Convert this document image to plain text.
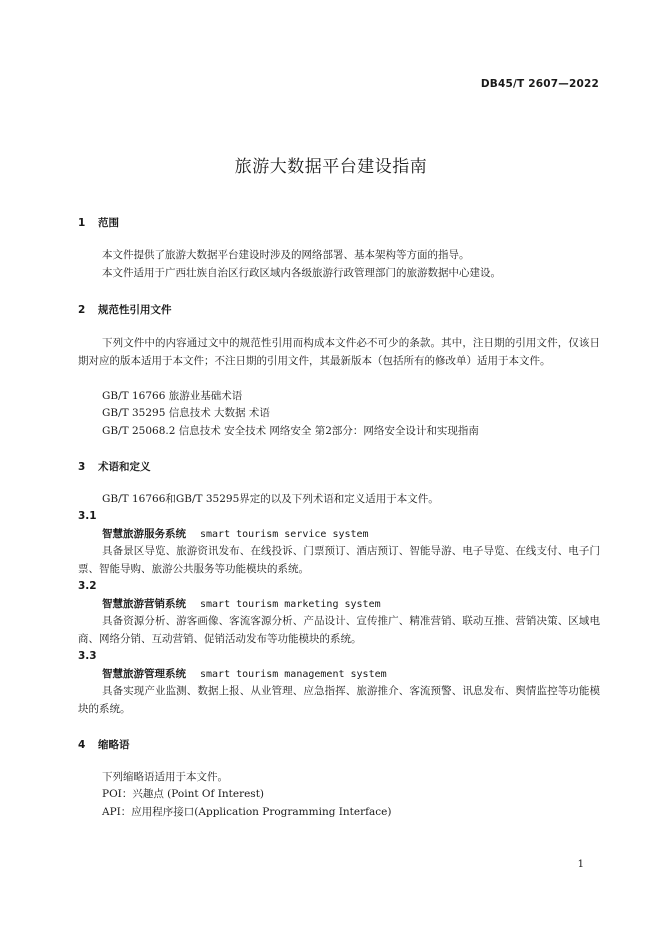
DB45/T 2607—2022
旅游大数据平台建设指南
1 范围
本文件提供了旅游大数据平台建设时涉及的网络部署、基本架构等方面的指导。
本文件适用于广西壮族自治区行政区域内各级旅游行政管理部门的旅游数据中心建设。
2 规范性引用文件
下列文件中的内容通过文中的规范性引用而构成本文件必不可少的条款。其中，注日期的引用文件，仅该日期对应的版本适用于本文件；不注日期的引用文件，其最新版本（包括所有的修改单）适用于本文件。
GB/T 16766 旅游业基础术语
GB/T 35295 信息技术 大数据 术语
GB/T 25068.2 信息技术 安全技术 网络安全 第2部分：网络安全设计和实现指南
3 术语和定义
GB/T 16766和GB/T 35295界定的以及下列术语和定义适用于本文件。
3.1
智慧旅游服务系统 smart tourism service system
具备景区导览、旅游资讯发布、在线投诉、门票预订、酒店预订、智能导游、电子导览、在线支付、电子门票、智能导购、旅游公共服务等功能模块的系统。
3.2
智慧旅游营销系统 smart tourism marketing system
具备资源分析、游客画像、客流客源分析、产品设计、宣传推广、精准营销、联动互推、营销决策、区域电商、网络分销、互动营销、促销活动发布等功能模块的系统。
3.3
智慧旅游管理系统 smart tourism management system
具备实现产业监测、数据上报、从业管理、应急指挥、旅游推介、客流预警、讯息发布、舆情监控等功能模块的系统。
4 缩略语
下列缩略语适用于本文件。
POI：兴趣点 (Point Of Interest)
API：应用程序接口(Application Programming Interface)
1
